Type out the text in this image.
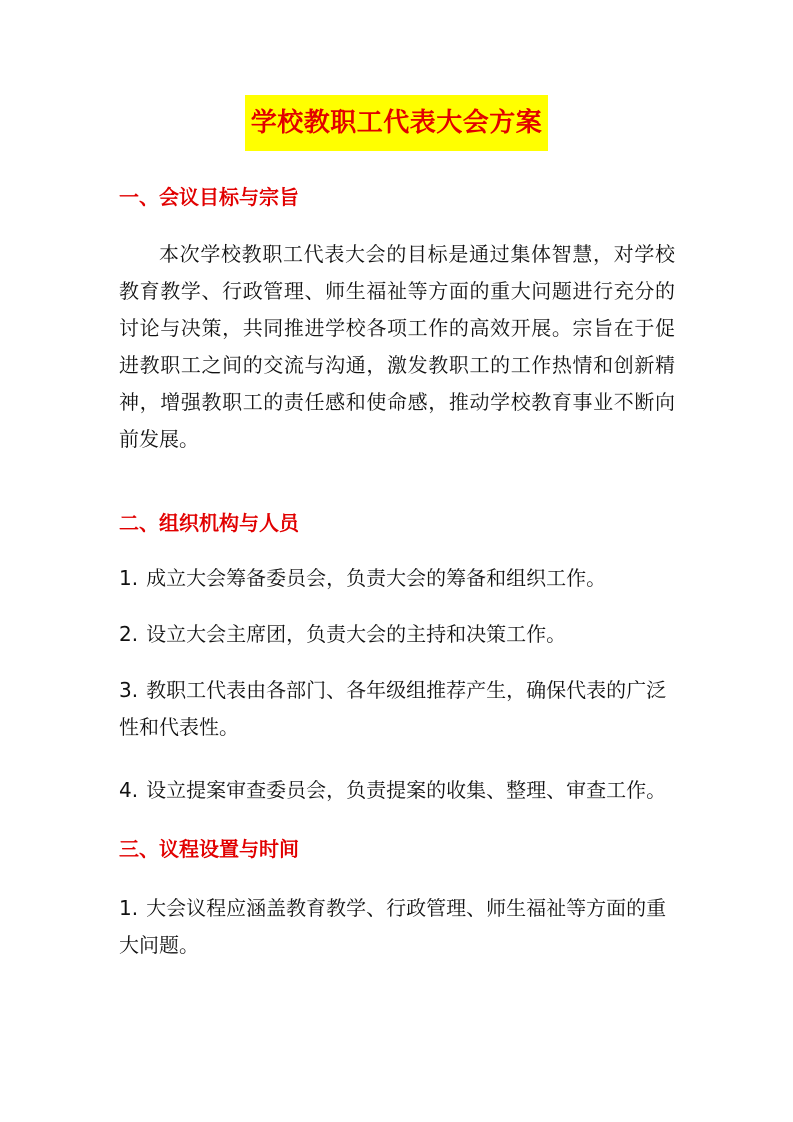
学校教职工代表大会方案
一、会议目标与宗旨

本次学校教职工代表大会的目标是通过集体智慧，对学校教育教学、行政管理、师生福祉等方面的重大问题进行充分的讨论与决策，共同推进学校各项工作的高效开展。宗旨在于促进教职工之间的交流与沟通，激发教职工的工作热情和创新精神，增强教职工的责任感和使命感，推动学校教育事业不断向前发展。

二、组织机构与人员

1. 成立大会筹备委员会，负责大会的筹备和组织工作。

2. 设立大会主席团，负责大会的主持和决策工作。

3. 教职工代表由各部门、各年级组推荐产生，确保代表的广泛性和代表性。

4. 设立提案审查委员会，负责提案的收集、整理、审查工作。

三、议程设置与时间

1. 大会议程应涵盖教育教学、行政管理、师生福祉等方面的重大问题。
